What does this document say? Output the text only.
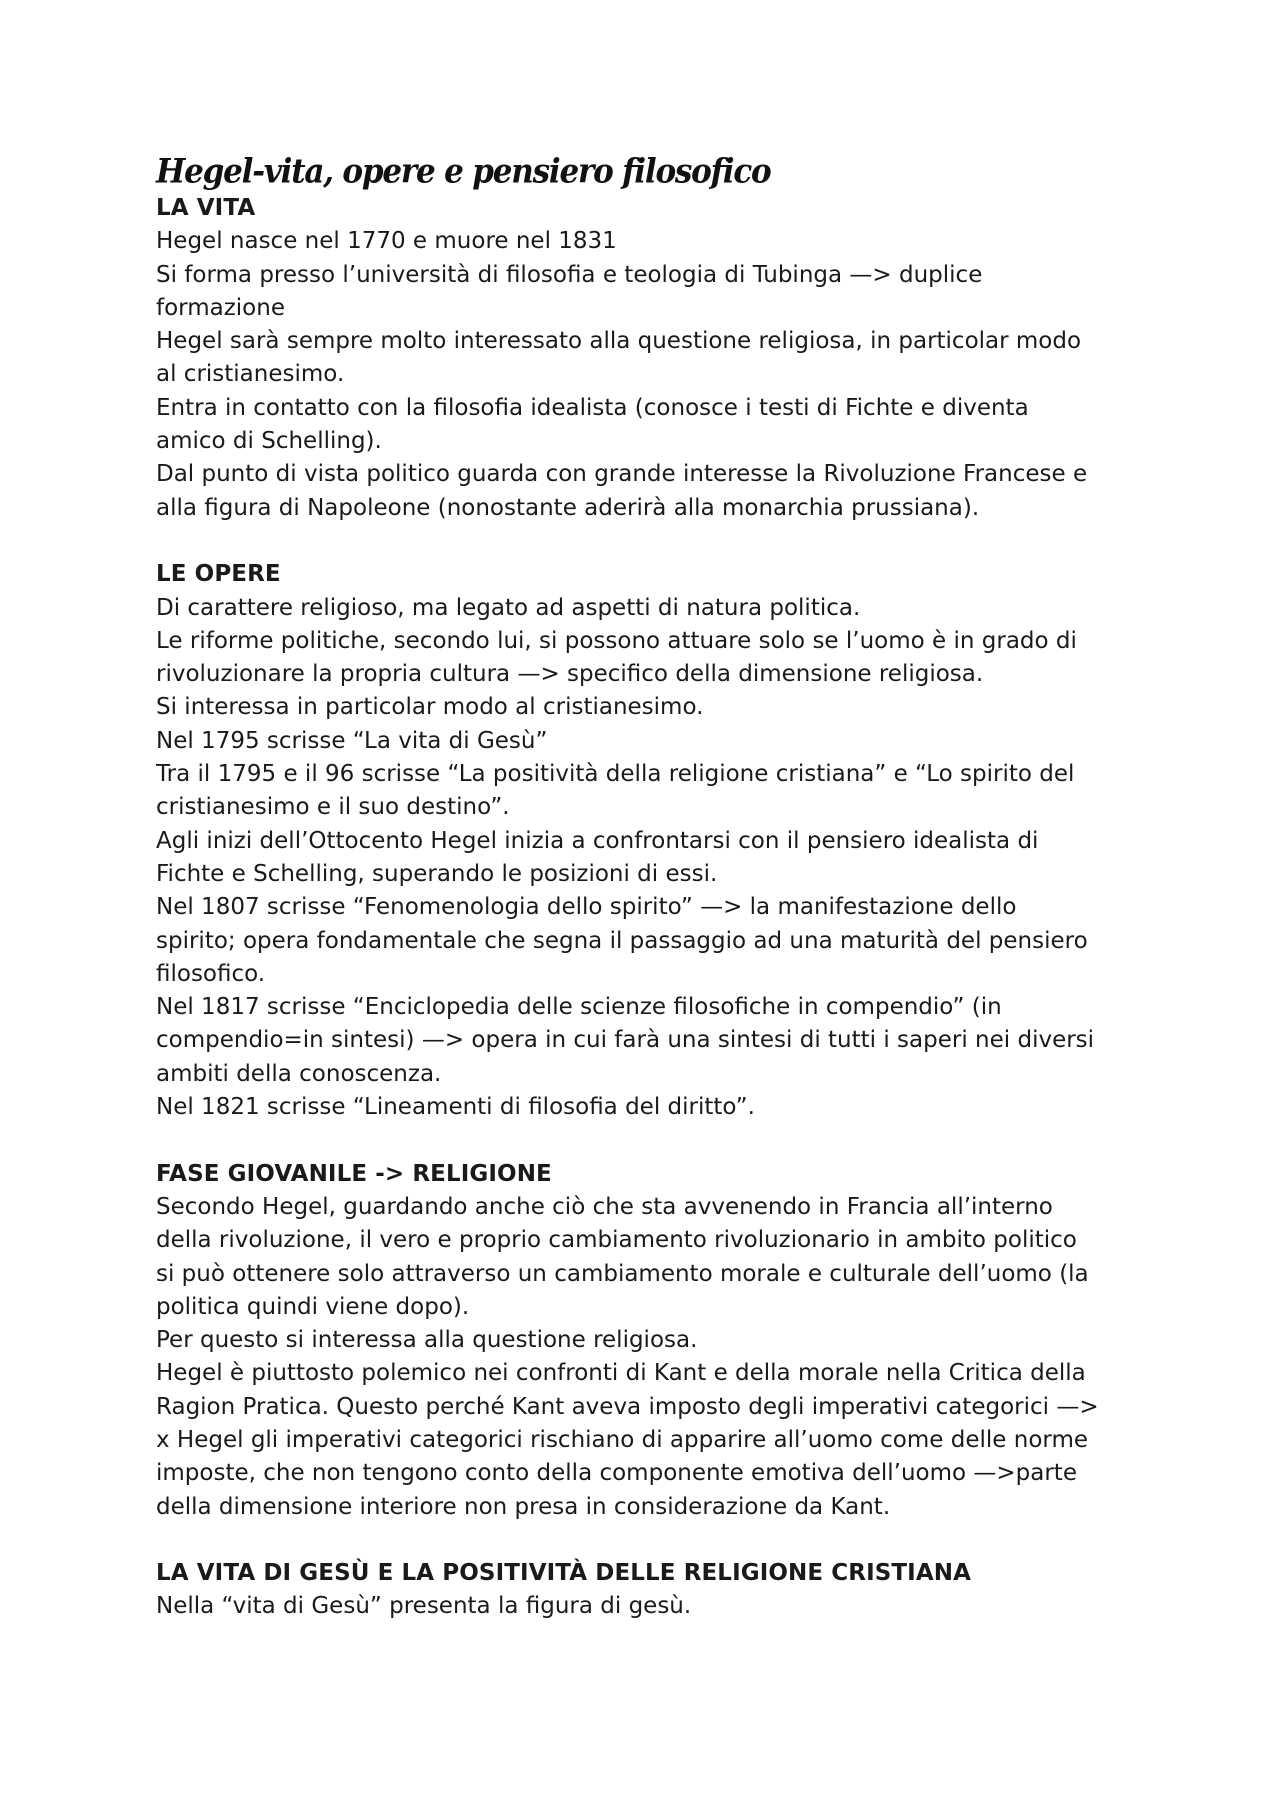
Hegel-vita, opere e pensiero filosofico
LA VITA

Hegel nasce nel 1770 e muore nel 1831

Si forma presso l’università di filosofia e teologia di Tubinga —> duplice
formazione

Hegel sarà sempre molto interessato alla questione religiosa, in particolar modo
al cristianesimo.

Entra in contatto con la filosofia idealista (conosce i testi di Fichte e diventa
amico di Schelling).

Dal punto di vista politico guarda con grande interesse la Rivoluzione Francese e
alla figura di Napoleone (nonostante aderirà alla monarchia prussiana).

LE OPERE

Di carattere religioso, ma legato ad aspetti di natura politica.

Le riforme politiche, secondo lui, si possono attuare solo se l’uomo è in grado di
rivoluzionare la propria cultura —> specifico della dimensione religiosa.

Si interessa in particolar modo al cristianesimo.

Nel 1795 scrisse “La vita di Gesù”

Tra il 1795 e il 96 scrisse “La positività della religione cristiana” e “Lo spirito del
cristianesimo e il suo destino”.

Agli inizi dell’Ottocento Hegel inizia a confrontarsi con il pensiero idealista di
Fichte e Schelling, superando le posizioni di essi.

Nel 1807 scrisse “Fenomenologia dello spirito” —> la manifestazione dello
spirito; opera fondamentale che segna il passaggio ad una maturità del pensiero
filosofico.

Nel 1817 scrisse “Enciclopedia delle scienze filosofiche in compendio” (in
compendio=in sintesi) —> opera in cui farà una sintesi di tutti i saperi nei diversi
ambiti della conoscenza.

Nel 1821 scrisse “Lineamenti di filosofia del diritto”.

FASE GIOVANILE -> RELIGIONE

Secondo Hegel, guardando anche ciò che sta avvenendo in Francia all’interno
della rivoluzione, il vero e proprio cambiamento rivoluzionario in ambito politico
si può ottenere solo attraverso un cambiamento morale e culturale dell’uomo (la
politica quindi viene dopo).

Per questo si interessa alla questione religiosa.

Hegel è piuttosto polemico nei confronti di Kant e della morale nella Critica della
Ragion Pratica. Questo perché Kant aveva imposto degli imperativi categorici —>
x Hegel gli imperativi categorici rischiano di apparire all’uomo come delle norme
imposte, che non tengono conto della componente emotiva dell’uomo —>parte
della dimensione interiore non presa in considerazione da Kant.

LA VITA DI GESÙ E LA POSITIVITÀ DELLE RELIGIONE CRISTIANA

Nella “vita di Gesù” presenta la figura di gesù.
